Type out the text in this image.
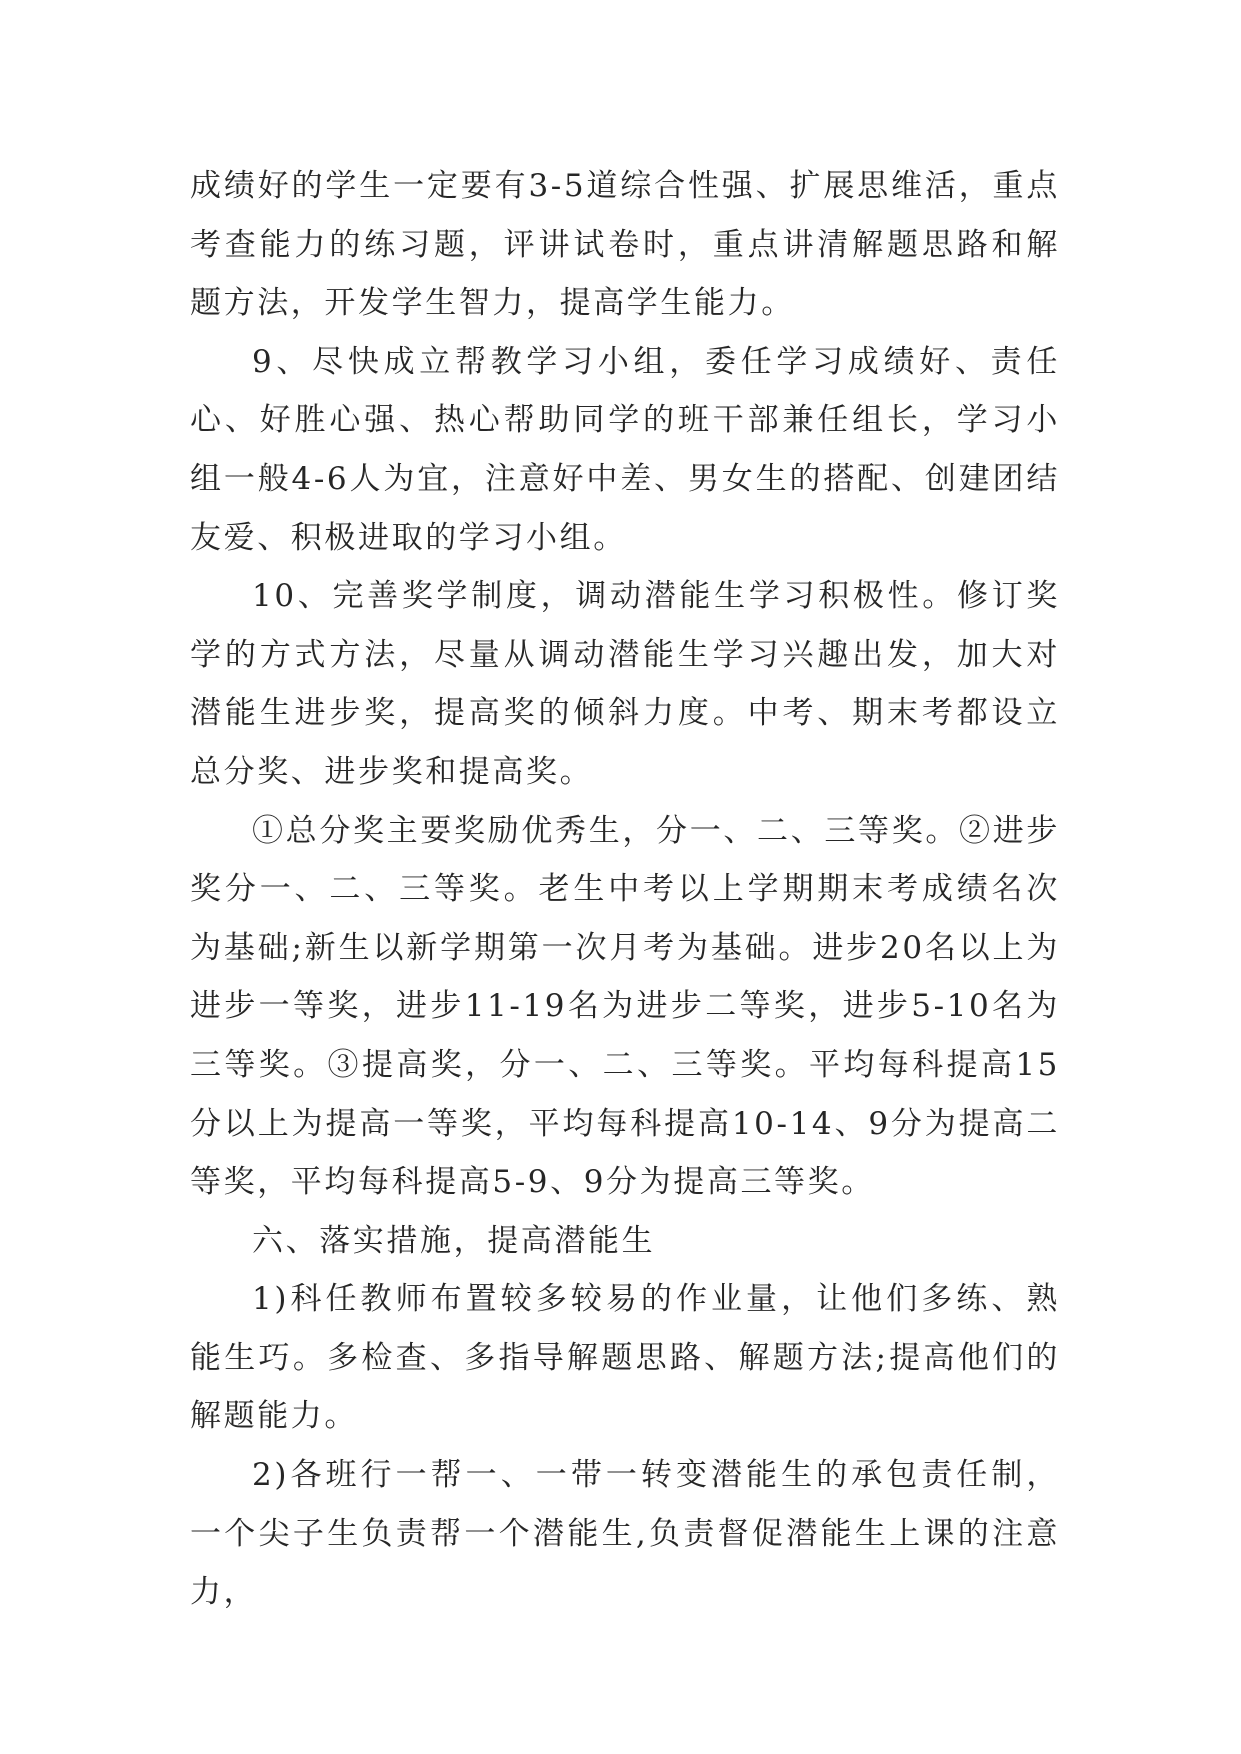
成绩好的学生一定要有3-5道综合性强、扩展思维活，重点考查能力的练习题，评讲试卷时，重点讲清解题思路和解题方法，开发学生智力，提高学生能力。

9、尽快成立帮教学习小组，委任学习成绩好、责任心、好胜心强、热心帮助同学的班干部兼任组长，学习小组一般4-6人为宜，注意好中差、男女生的搭配、创建团结友爱、积极进取的学习小组。

10、完善奖学制度，调动潜能生学习积极性。修订奖学的方式方法，尽量从调动潜能生学习兴趣出发，加大对潜能生进步奖，提高奖的倾斜力度。中考、期末考都设立总分奖、进步奖和提高奖。

①总分奖主要奖励优秀生，分一、二、三等奖。②进步奖分一、二、三等奖。老生中考以上学期期末考成绩名次为基础;新生以新学期第一次月考为基础。进步20名以上为进步一等奖，进步11-19名为进步二等奖，进步5-10名为三等奖。③提高奖，分一、二、三等奖。平均每科提高15分以上为提高一等奖，平均每科提高10-14、9分为提高二等奖，平均每科提高5-9、9分为提高三等奖。

六、落实措施，提高潜能生

1)科任教师布置较多较易的作业量，让他们多练、熟能生巧。多检查、多指导解题思路、解题方法;提高他们的解题能力。

2)各班行一帮一、一带一转变潜能生的承包责任制，一个尖子生负责帮一个潜能生,负责督促潜能生上课的注意力，
